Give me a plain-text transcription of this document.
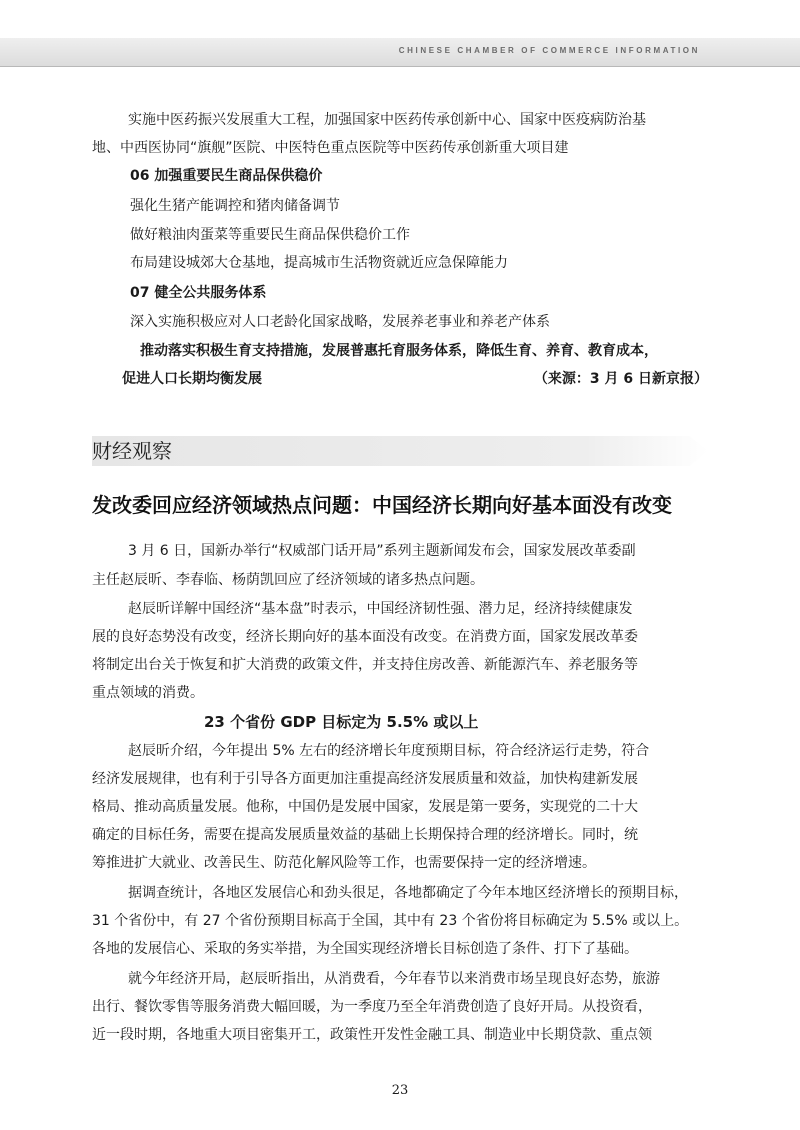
CHINESE CHAMBER OF COMMERCE INFORMATION
实施中医药振兴发展重大工程，加强国家中医药传承创新中心、国家中医疫病防治基
地、中西医协同“旗舰”医院、中医特色重点医院等中医药传承创新重大项目建
06 加强重要民生商品保供稳价
强化生猪产能调控和猪肉储备调节
做好粮油肉蛋菜等重要民生商品保供稳价工作
布局建设城郊大仓基地，提高城市生活物资就近应急保障能力
07 健全公共服务体系
深入实施积极应对人口老龄化国家战略，发展养老事业和养老产体系
推动落实积极生育支持措施，发展普惠托育服务体系，降低生育、养育、教育成本，
促进人口长期均衡发展	（来源：3 月 6 日新京报）
财经观察
发改委回应经济领域热点问题：中国经济长期向好基本面没有改变
3 月 6 日，国新办举行“权威部门话开局”系列主题新闻发布会，国家发展改革委副
主任赵辰昕、李春临、杨荫凯回应了经济领域的诸多热点问题。
赵辰昕详解中国经济“基本盘”时表示，中国经济韧性强、潜力足，经济持续健康发
展的良好态势没有改变，经济长期向好的基本面没有改变。在消费方面，国家发展改革委
将制定出台关于恢复和扩大消费的政策文件，并支持住房改善、新能源汽车、养老服务等
重点领域的消费。
23 个省份 GDP 目标定为 5.5% 或以上
赵辰昕介绍，今年提出 5% 左右的经济增长年度预期目标，符合经济运行走势，符合
经济发展规律，也有利于引导各方面更加注重提高经济发展质量和效益，加快构建新发展
格局、推动高质量发展。他称，中国仍是发展中国家，发展是第一要务，实现党的二十大
确定的目标任务，需要在提高发展质量效益的基础上长期保持合理的经济增长。同时，统
筹推进扩大就业、改善民生、防范化解风险等工作，也需要保持一定的经济增速。
据调查统计，各地区发展信心和劲头很足，各地都确定了今年本地区经济增长的预期目标，
31 个省份中，有 27 个省份预期目标高于全国，其中有 23 个省份将目标确定为 5.5% 或以上。
各地的发展信心、采取的务实举措，为全国实现经济增长目标创造了条件、打下了基础。
就今年经济开局，赵辰昕指出，从消费看，今年春节以来消费市场呈现良好态势，旅游
出行、餐饮零售等服务消费大幅回暖，为一季度乃至全年消费创造了良好开局。从投资看，
近一段时期，各地重大项目密集开工，政策性开发性金融工具、制造业中长期贷款、重点领
23
